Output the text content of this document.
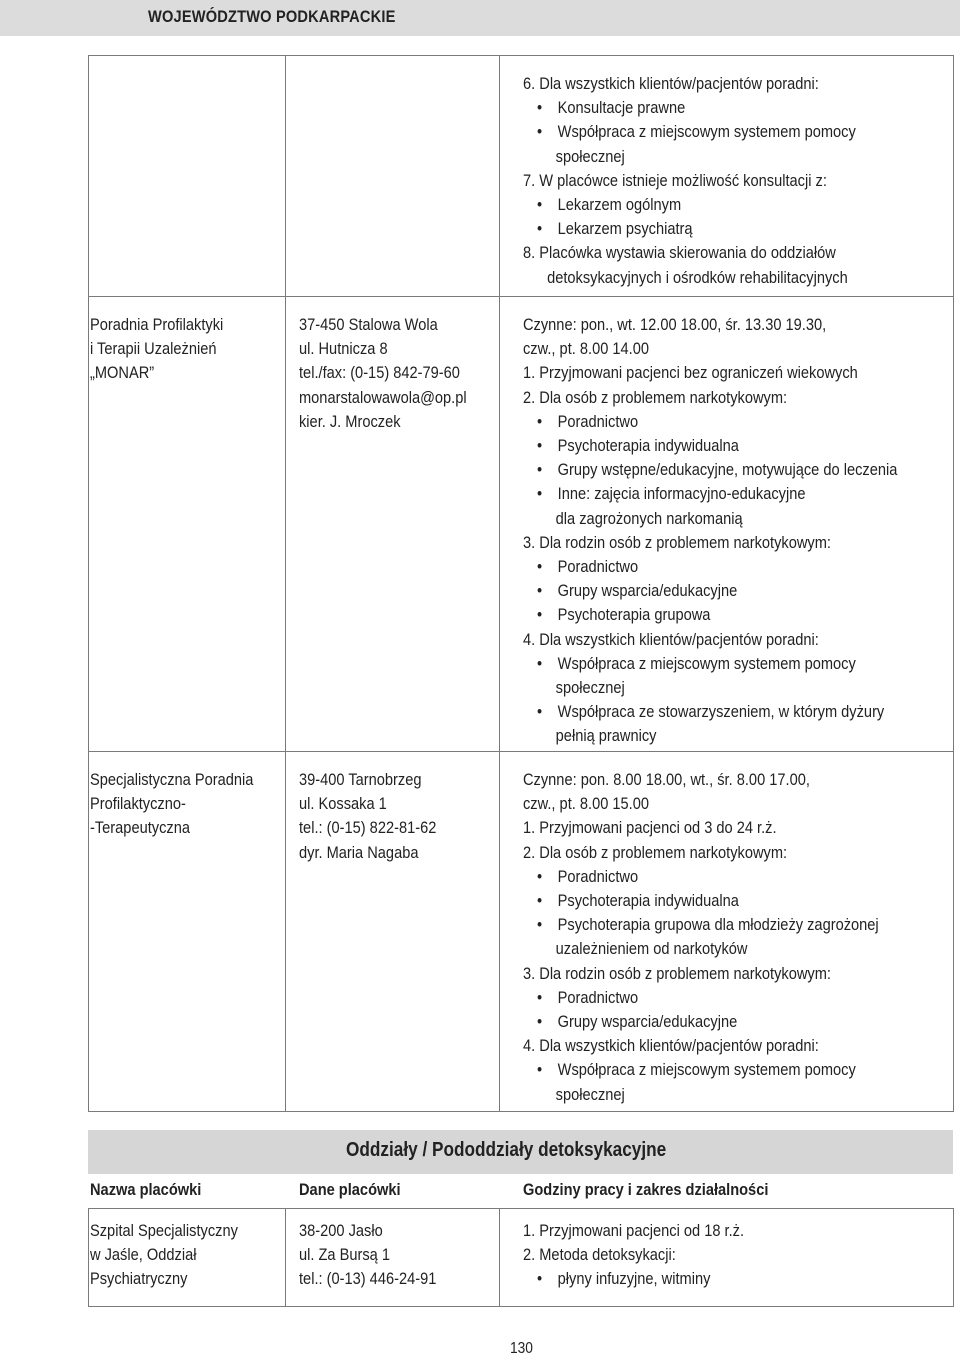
WOJEWÓDZTWO PODKARPACKIE
6. Dla wszystkich klientów/pacjentów poradni:
• Konsultacje prawne
• Współpraca z miejscowym systemem pomocy
społecznej
7. W placówce istnieje możliwość konsultacji z:
• Lekarzem ogólnym
• Lekarzem psychiatrą
8. Placówka wystawia skierowania do oddziałów
detoksykacyjnych i ośrodków rehabilitacyjnych
Poradnia Profilaktyki
i Terapii Uzależnień
„MONAR”
37-450 Stalowa Wola
ul. Hutnicza 8
tel./fax: (0-15) 842-79-60
monarstalowawola@op.pl
kier. J. Mroczek
Czynne: pon., wt. 12.00 18.00, śr. 13.30 19.30,
czw., pt. 8.00 14.00
1. Przyjmowani pacjenci bez ograniczeń wiekowych
2. Dla osób z problemem narkotykowym:
• Poradnictwo
• Psychoterapia indywidualna
• Grupy wstępne/edukacyjne, motywujące do leczenia
• Inne: zajęcia informacyjno-edukacyjne
dla zagrożonych narkomanią
3. Dla rodzin osób z problemem narkotykowym:
• Poradnictwo
• Grupy wsparcia/edukacyjne
• Psychoterapia grupowa
4. Dla wszystkich klientów/pacjentów poradni:
• Współpraca z miejscowym systemem pomocy
społecznej
• Współpraca ze stowarzyszeniem, w którym dyżury
pełnią prawnicy
Specjalistyczna Poradnia
Profilaktyczno-
-Terapeutyczna
39-400 Tarnobrzeg
ul. Kossaka 1
tel.: (0-15) 822-81-62
dyr. Maria Nagaba
Czynne: pon. 8.00 18.00, wt., śr. 8.00 17.00,
czw., pt. 8.00 15.00
1. Przyjmowani pacjenci od 3 do 24 r.ż.
2. Dla osób z problemem narkotykowym:
• Poradnictwo
• Psychoterapia indywidualna
• Psychoterapia grupowa dla młodzieży zagrożonej
uzależnieniem od narkotyków
3. Dla rodzin osób z problemem narkotykowym:
• Poradnictwo
• Grupy wsparcia/edukacyjne
4. Dla wszystkich klientów/pacjentów poradni:
• Współpraca z miejscowym systemem pomocy
społecznej
Oddziały / Pododdziały detoksykacyjne
Nazwa placówki	Dane placówki	Godziny pracy i zakres działalności
Szpital Specjalistyczny
w Jaśle, Oddział
Psychiatryczny
38-200 Jasło
ul. Za Bursą 1
tel.: (0-13) 446-24-91
1. Przyjmowani pacjenci od 18 r.ż.
2. Metoda detoksykacji:
• płyny infuzyjne, witminy
130
